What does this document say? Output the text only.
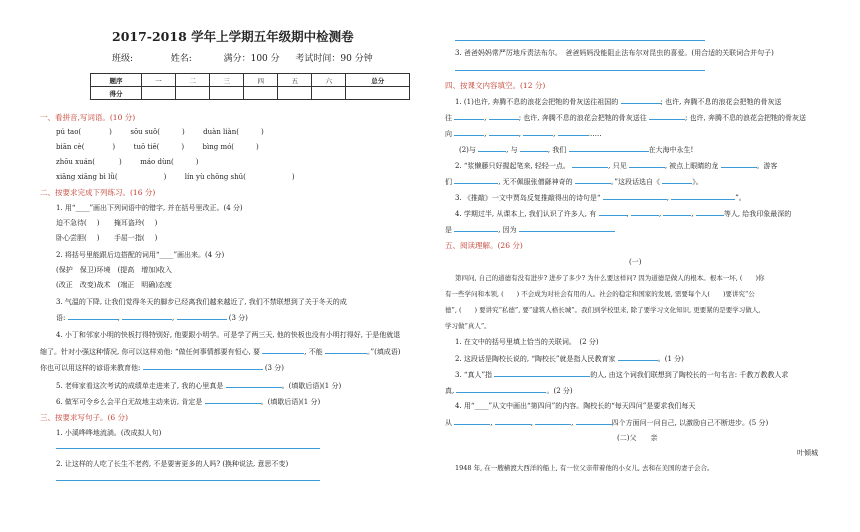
2017-2018 学年上学期五年级期中检测卷
班级:	姓名:	满分：100 分 考试时间：90 分钟
题序	一	二	三	四	五	六	总分
得分							
一、看拼音,写词语。(10 分)
pú tao(	)	sōu suǒ(	)	duàn liàn(	)
biān cè(	)	tuō tiē(	)	bìng mó(	)
zhōu xuán(	)	máo dùn(	)
xiāng xiāng bì lǜ(	)	lín yù chōng shū(	)
二、按要求完成下列练习。(16 分)
1. 用“____”画出下列词语中的错字, 并在括号里改正。(4 分)
迫不急待( ) 掩耳盗玲( )
卧心尝胆( ) 手屈一指( )
2. 将括号里能跟后边搭配的词用“____”画出来。(4 分)
(保护　保卫)环境　(提高　增加)收入
(改正　改变)战术　(端正　明确)态度
3. 气温的下降, 让我们觉得冬天的脚步已经离我们越来越近了, 我们不禁联想到了关于冬天的成
语:	,	,	(3 分)
4. 小丁和邻家小明的快板打得特别好, 他要跟小明学。可是学了两三天, 他的快板也没有小明打得好, 于是他就退
缩了。针对小强这种情况, 你可以这样劝他: “做任何事情都要有恒心, 要	, 不能	。”(填成语)
你也可以用这样的谚语来教育他:	(3 分)
5. 老师家看这次考试的成绩单走进来了, 我的心里真是	。(填歇后语)(1 分)
6. 做军可令乡么会平白无故地主动来访, 肯定是	。(填歇后语)(1 分)
三、按要求写句子。(6 分)
1. 小溪哗哗地流淌。(改成拟人句)
2. 让这样的人吃了长生不老药, 不是要害更多的人吗? (换种说法, 意思不变)
3. 爸爸妈妈常严厉地斥责法布尔。　爸爸妈妈没能阻止法布尔对昆虫的喜爱。(用合适的关联词合并句子)
四、按课文内容填空。(12 分)
1. (1)也许, 奔腾不息的浪花会把牠的骨灰送往祖国的	; 也许, 奔腾不息的浪花会把牠的骨灰送
往	,	; 也许, 奔腾不息的浪花会把牠的骨灰送往	; 也许, 奔腾不息的浪花会把牠的骨灰送
向	,	,	,	……
(2)与	, 与	, 我们	在大海中永生!
2. “浆懒藤只好握起笔来, 轻轻一点。	, 只见	, 被点上眼睛的龙	。游客
们	, 无不佩服张僧繇神奇的	。”这段话选自《	》。
3. 《推敲》一文中贾岛反复推敲得出的诗句是“	,	”。
4. 学期过半, 从课本上, 我们认识了许多人, 有	,	,	,	等人, 给我印象最深的
是	, 因为
五、阅读理解。(26 分)
(一)
第四问, 自己的道德有没有进步? 进步了多少? 为什么要这样问? 因为道德是做人的根本。根本一坏, (　　)你
有一些学问和本领, (　　) 不会成为对社会有用的人。社会的稳定和国家的发展, 需要每个人(　　)要讲究“公
德”, (　　) 要讲究“私德”, 要“建筑人格长城”。我们到学校里来, 除了要学习文化知识, 更要紧的是要学习做人,
学习做“真人”。
1. 在文中的括号里填上恰当的关联词。　(2 分)
2. 这段话是陶校长说的, “陶校长”就是指人民教育家	。(1 分)
3. “真人”指	的人, 由这个词我们联想到了陶校长的一句名言: 千教万教教人求
真,	。(2 分)
4. 用“____”从文中画出“第四问”的内容。陶校长的“每天四问”是要求我们每天
从	,	,	,	四个方面问一问自己, 以激励自己不断进步。(5 分)
(二)父　　亲
叶倾城
1948 年, 在一艘横渡大西洋的船上, 有一位父亲带着他的小女儿, 去和在美国的妻子会合。
